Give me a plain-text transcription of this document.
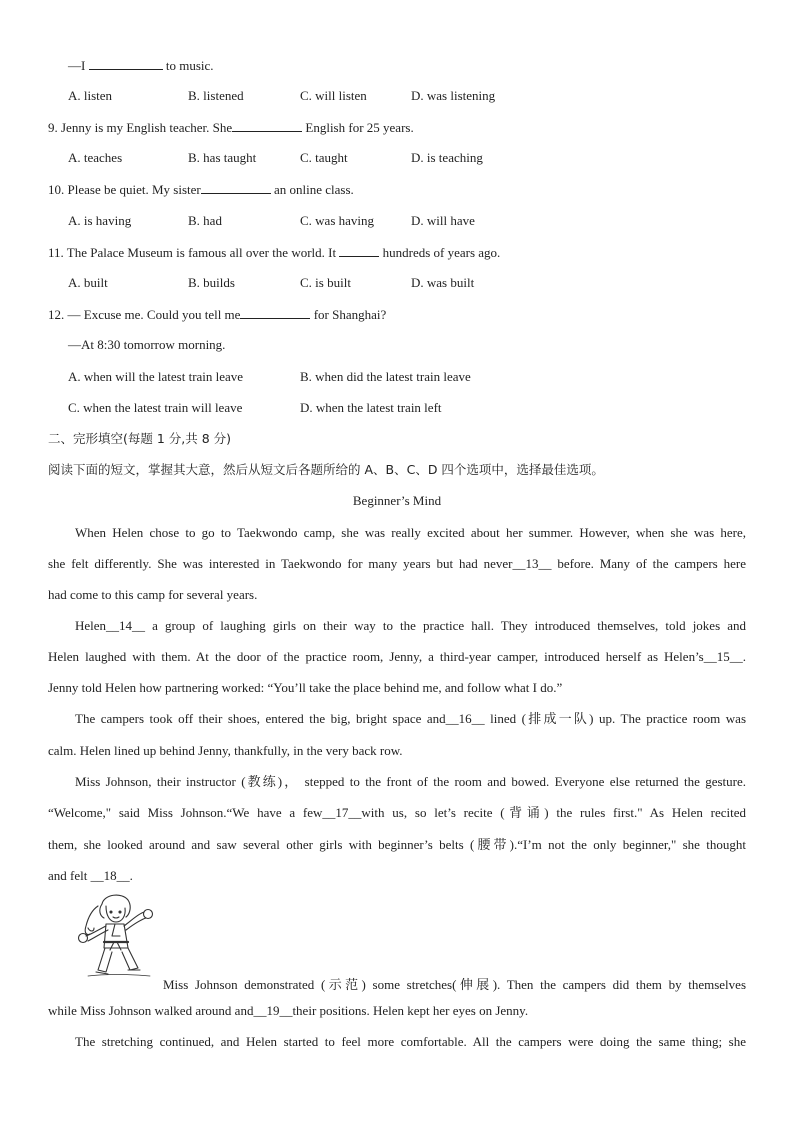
—I	to music.
A. listen	B. listened	C. will listen	D. was listening
9. Jenny is my English teacher. She	English for 25 years.
A. teaches	B. has taught	C. taught	D. is teaching
10. Please be quiet. My sister	an online class.
A. is having	B. had	C. was having	D. will have
11. The Palace Museum is famous all over the world. It	hundreds of years ago.
A. built	B. builds	C. is built	D. was built
12. — Excuse me. Could you tell me	for Shanghai?
—At 8:30 tomorrow morning.
A. when will the latest train leave	B. when did the latest train leave
C. when the latest train will leave	D. when the latest train left
二、完形填空(每题 1 分,共 8 分)
阅读下面的短文，掌握其大意，然后从短文后各题所给的 A、B、C、D 四个选项中，选择最佳选项。
Beginner’s Mind
When Helen chose to go to Taekwondo camp, she was really excited about her summer. However, when she was here,
she felt differently. She was interested in Taekwondo for many years but had never__13__ before. Many of the campers here
had come to this camp for several years.
Helen__14__ a group of laughing girls on their way to the practice hall. They introduced themselves, told jokes and
Helen laughed with them. At the door of the practice room, Jenny, a third-year camper, introduced herself as Helen’s__15__.
Jenny told Helen how partnering worked: “You’ll take the place behind me, and follow what I do.”
The campers took off their shoes, entered the big, bright space and__16__ lined (排成一队) up. The practice room was
calm. Helen lined up behind Jenny, thankfully, in the very back row.
Miss Johnson, their instructor (教练)， stepped to the front of the room and bowed. Everyone else returned the gesture.
“Welcome," said Miss Johnson.“We have a few__17__with us, so let’s recite (背诵) the rules first." As Helen recited
them, she looked around and saw several other girls with beginner’s belts (腰带).“I’m not the only beginner," she thought
and felt __18__.
Miss Johnson demonstrated (示范) some stretches(伸展). Then the campers did them by themselves
while Miss Johnson walked around and__19__their positions. Helen kept her eyes on Jenny.
The stretching continued, and Helen started to feel more comfortable. All the campers were doing the same thing; she
